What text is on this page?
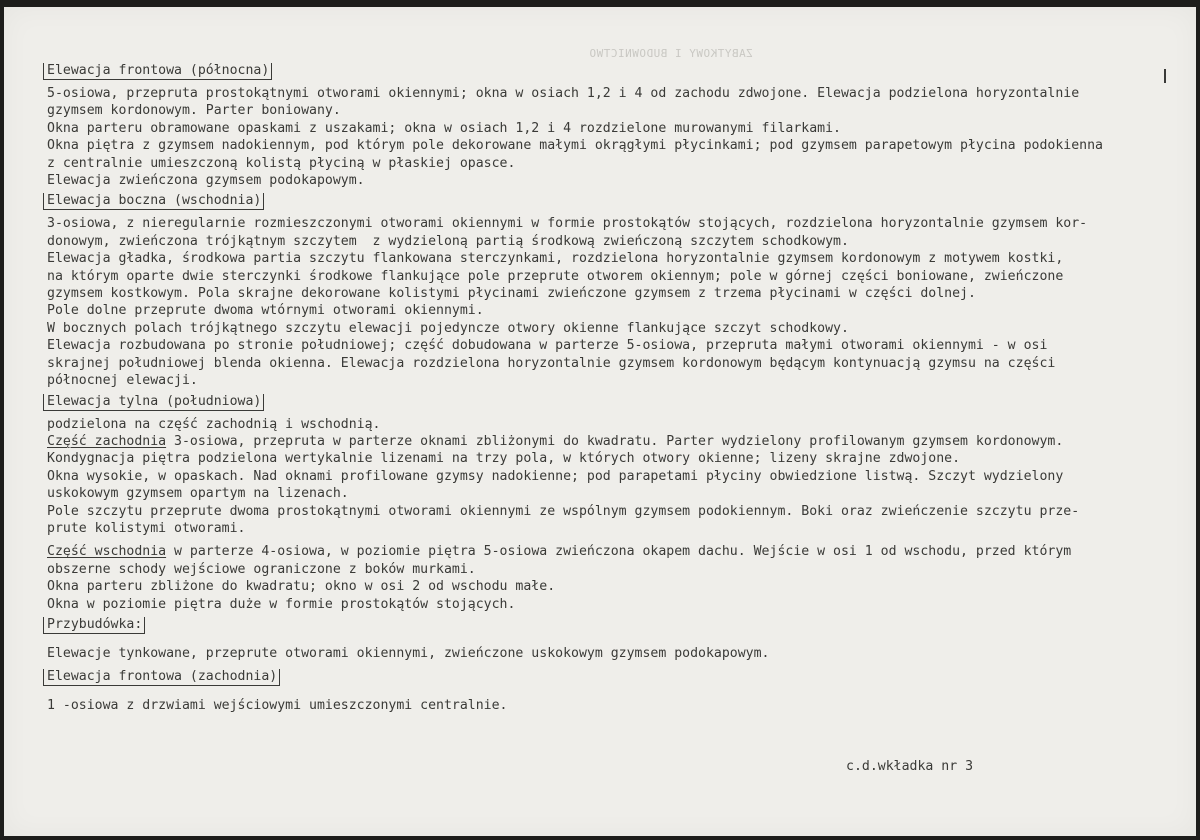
ZABYTKOWY I BUDOWNICTWO
Elewacja frontowa (północna)
5-osiowa, przepruta prostokątnymi otworami okiennymi; okna w osiach 1,2 i 4 od zachodu zdwojone. Elewacja podzielona horyzontalnie
gzymsem kordonowym. Parter boniowany.
Okna parteru obramowane opaskami z uszakami; okna w osiach 1,2 i 4 rozdzielone murowanymi filarkami.
Okna piętra z gzymsem nadokiennym, pod którym pole dekorowane małymi okrągłymi płycinkami; pod gzymsem parapetowym płycina podokienna
z centralnie umieszczoną kolistą płyciną w płaskiej opasce.
Elewacja zwieńczona gzymsem podokapowym.
Elewacja boczna (wschodnia)
3-osiowa, z nieregularnie rozmieszczonymi otworami okiennymi w formie prostokątów stojących, rozdzielona horyzontalnie gzymsem kor-
donowym, zwieńczona trójkątnym szczytem  z wydzieloną partią środkową zwieńczoną szczytem schodkowym.
Elewacja gładka, środkowa partia szczytu flankowana sterczynkami, rozdzielona horyzontalnie gzymsem kordonowym z motywem kostki,
na którym oparte dwie sterczynki środkowe flankujące pole przeprute otworem okiennym; pole w górnej części boniowane, zwieńczone
gzymsem kostkowym. Pola skrajne dekorowane kolistymi płycinami zwieńczone gzymsem z trzema płycinami w części dolnej.
Pole dolne przeprute dwoma wtórnymi otworami okiennymi.
W bocznych polach trójkątnego szczytu elewacji pojedyncze otwory okienne flankujące szczyt schodkowy.
Elewacja rozbudowana po stronie południowej; część dobudowana w parterze 5-osiowa, przepruta małymi otworami okiennymi - w osi
skrajnej południowej blenda okienna. Elewacja rozdzielona horyzontalnie gzymsem kordonowym będącym kontynuacją gzymsu na części
północnej elewacji.
Elewacja tylna (południowa)
podzielona na część zachodnią i wschodnią.
Część zachodnia 3-osiowa, przepruta w parterze oknami zbliżonymi do kwadratu. Parter wydzielony profilowanym gzymsem kordonowym.
Kondygnacja piętra podzielona wertykalnie lizenami na trzy pola, w których otwory okienne; lizeny skrajne zdwojone.
Okna wysokie, w opaskach. Nad oknami profilowane gzymsy nadokienne; pod parapetami płyciny obwiedzione listwą. Szczyt wydzielony
uskokowym gzymsem opartym na lizenach.
Pole szczytu przeprute dwoma prostokątnymi otworami okiennymi ze wspólnym gzymsem podokiennym. Boki oraz zwieńczenie szczytu prze-
prute kolistymi otworami.
Część wschodnia w parterze 4-osiowa, w poziomie piętra 5-osiowa zwieńczona okapem dachu. Wejście w osi 1 od wschodu, przed którym
obszerne schody wejściowe ograniczone z boków murkami.
Okna parteru zbliżone do kwadratu; okno w osi 2 od wschodu małe.
Okna w poziomie piętra duże w formie prostokątów stojących.
Przybudówka:
Elewacje tynkowane, przeprute otworami okiennymi, zwieńczone uskokowym gzymsem podokapowym.
Elewacja frontowa (zachodnia)
1 -osiowa z drzwiami wejściowymi umieszczonymi centralnie.
c.d.wkładka nr 3
